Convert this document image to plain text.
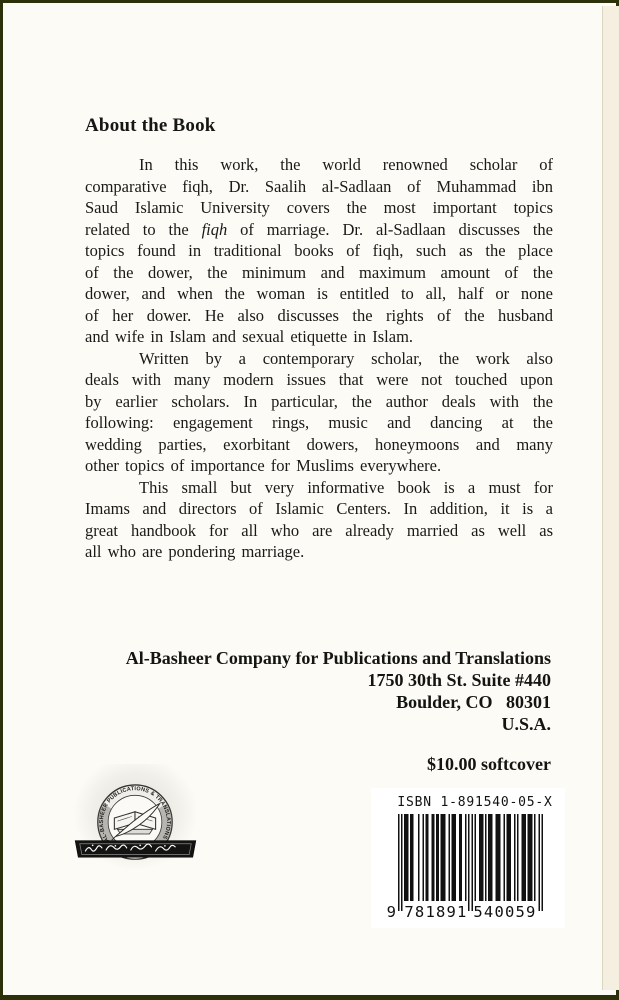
About the Book
In this work, the world renowned scholar of
comparative fiqh, Dr. Saalih al-Sadlaan of Muhammad ibn
Saud Islamic University covers the most important topics
related to the fiqh of marriage. Dr. al-Sadlaan discusses the
topics found in traditional books of fiqh, such as the place
of the dower, the minimum and maximum amount of the
dower, and when the woman is entitled to all, half or none
of her dower. He also discusses the rights of the husband
and wife in Islam and sexual etiquette in Islam.
Written by a contemporary scholar, the work also
deals with many modern issues that were not touched upon
by earlier scholars. In particular, the author deals with the
following: engagement rings, music and dancing at the
wedding parties, exorbitant dowers, honeymoons and many
other topics of importance for Muslims everywhere.
This small but very informative book is a must for
Imams and directors of Islamic Centers. In addition, it is a
great handbook for all who are already married as well as
all who are pondering marriage.
Al-Basheer Company for Publications and Translations
1750 30th St. Suite #440
Boulder, CO   80301
U.S.A.
$10.00 softcover
ISBN 1-891540-05-X
9 781891 540059
AL-BASHEER PUBLICATIONS & TRANSLATIONS
